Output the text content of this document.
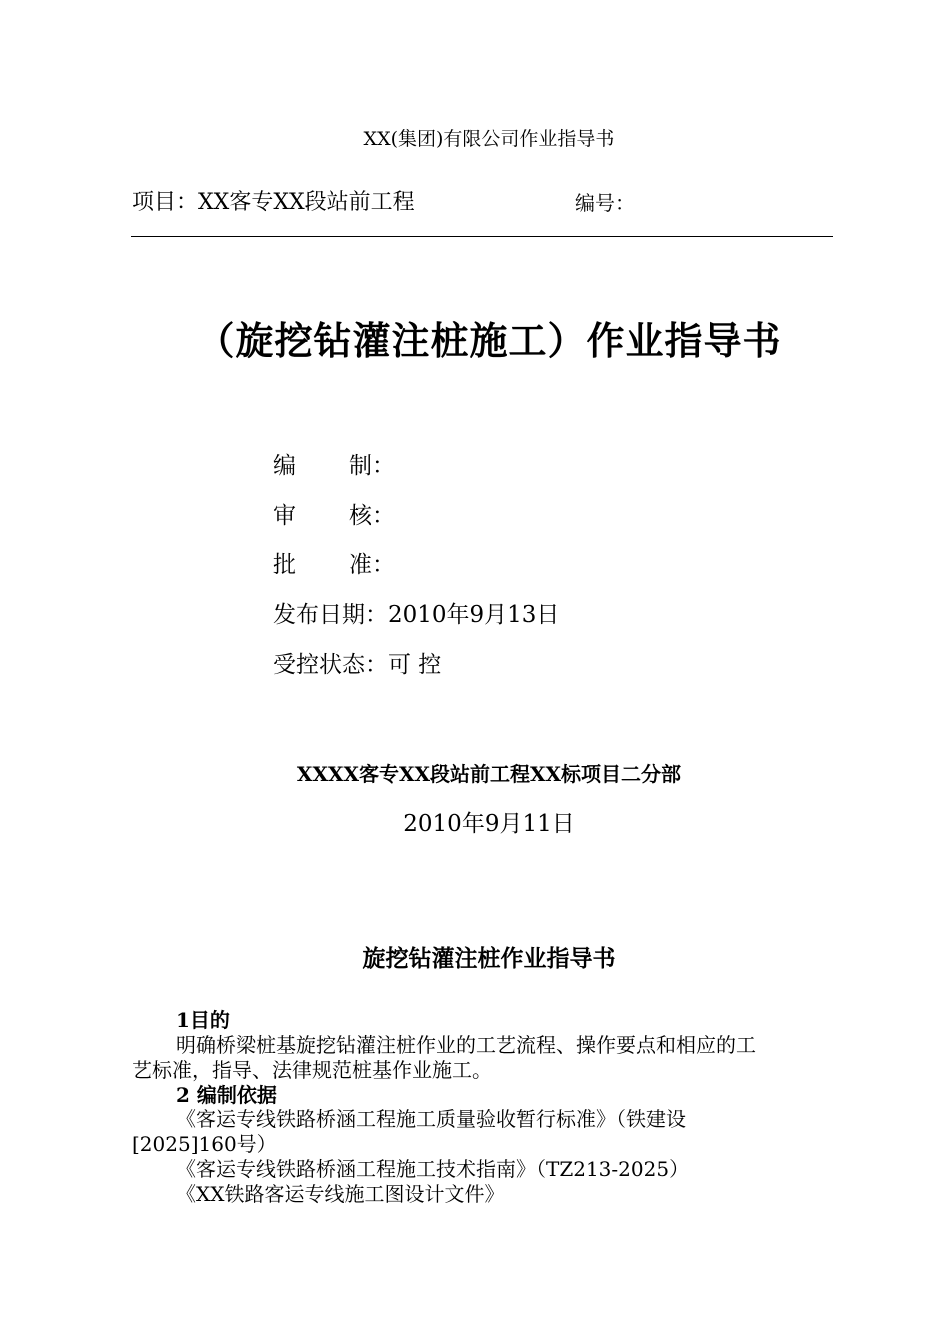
XX(集团)有限公司作业指导书
项目：XX客专XX段站前工程	编号：
（旋挖钻灌注桩施工）作业指导书
编 制：
审 核：
批 准：
发布日期：2010年9月13日
受控状态：可 控
XXXX客专XX段站前工程XX标项目二分部
2010年9月11日
旋挖钻灌注桩作业指导书
1目的
明确桥梁桩基旋挖钻灌注桩作业的工艺流程、操作要点和相应的工
艺标准，指导、法律规范桩基作业施工。
2 编制依据
《客运专线铁路桥涵工程施工质量验收暂行标准》（铁建设
[2025]160号）
《客运专线铁路桥涵工程施工技术指南》（TZ213-2025）
《XX铁路客运专线施工图设计文件》
